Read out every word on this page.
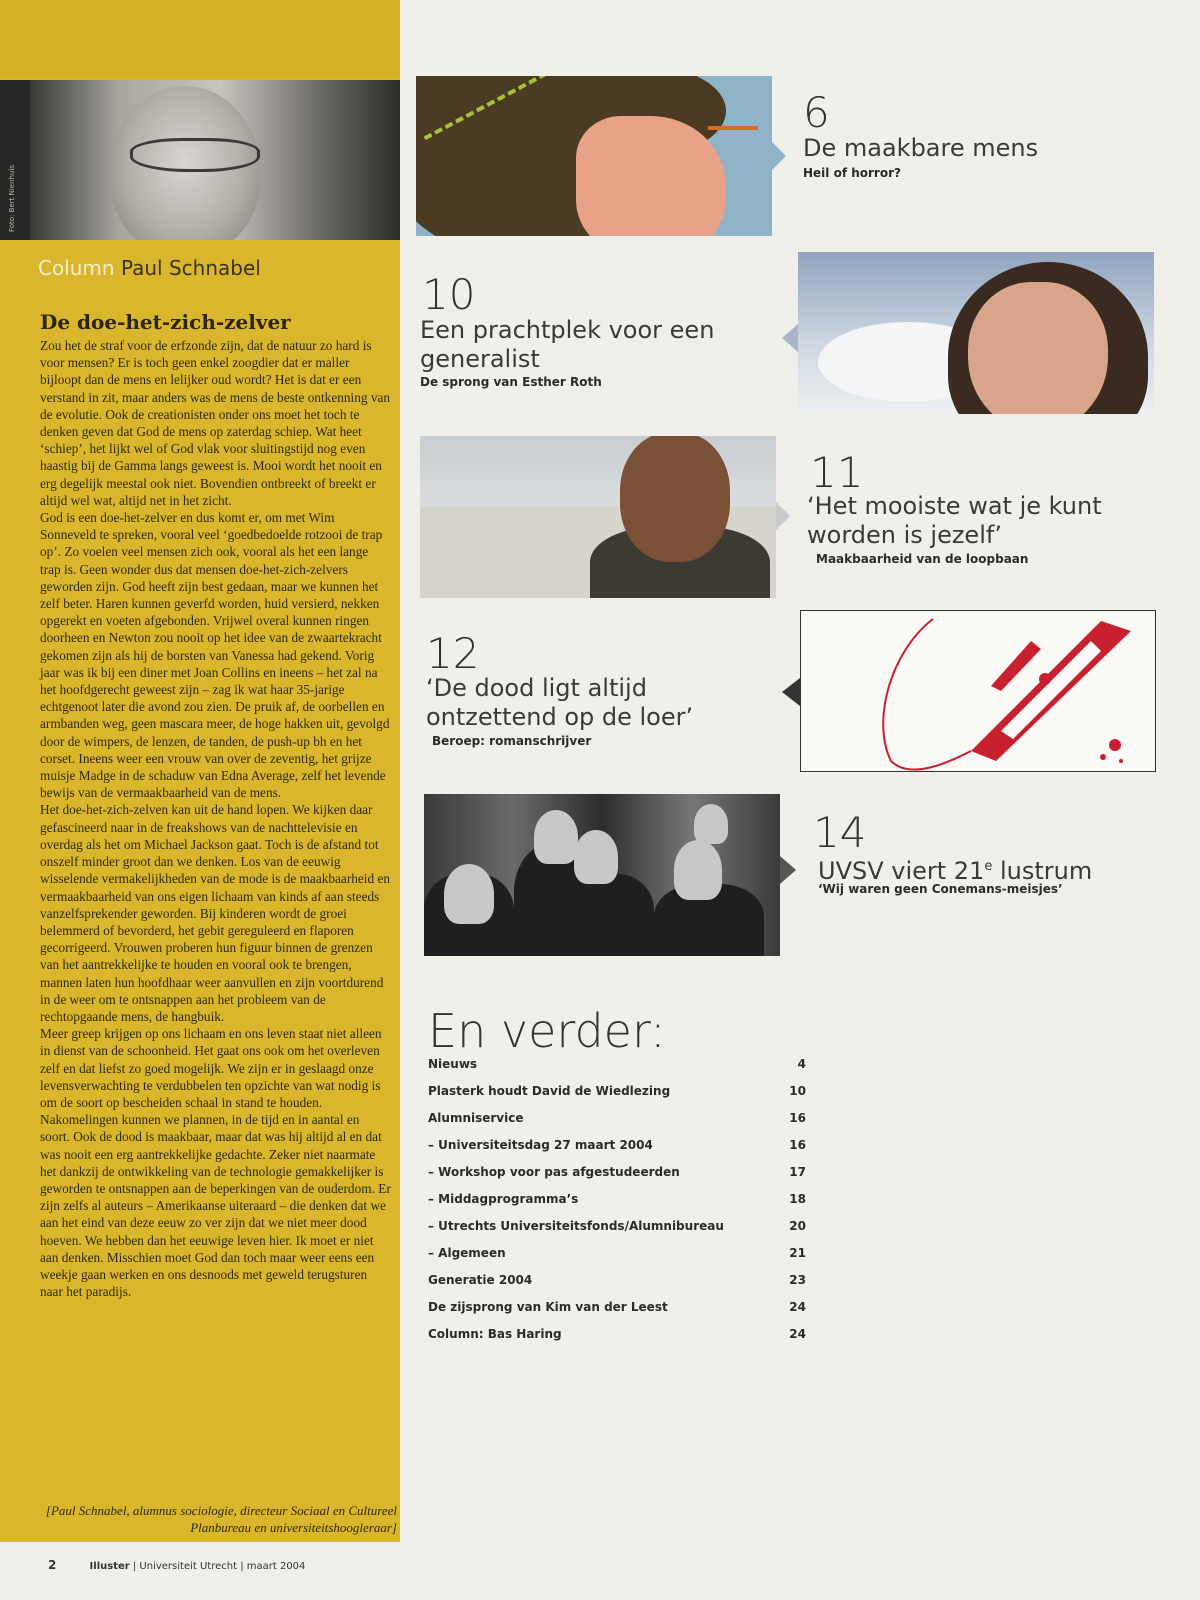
Foto: Bert Nienhuis
Column Paul Schnabel
De doe-het-zich-zelver

Zou het de straf voor de erfzonde zijn, dat de natuur zo hard is voor mensen? Er is toch geen enkel zoogdier dat er maller bijloopt dan de mens en lelijker oud wordt? Het is dat er een verstand in zit, maar anders was de mens de beste ontkenning van de evolutie. Ook de creationisten onder ons moet het toch te denken geven dat God de mens op zaterdag schiep. Wat heet ‘schiep’, het lijkt wel of God vlak voor sluitingstijd nog even haastig bij de Gamma langs geweest is. Mooi wordt het nooit en erg degelijk meestal ook niet. Bovendien ontbreekt of breekt er altijd wel wat, altijd net in het zicht.

God is een doe-het-zelver en dus komt er, om met Wim Sonneveld te spreken, vooral veel ‘goedbedoelde rotzooi de trap op’. Zo voelen veel mensen zich ook, vooral als het een lange trap is. Geen wonder dus dat mensen doe-het-zich-zelvers geworden zijn. God heeft zijn best gedaan, maar we kunnen het zelf beter. Haren kunnen geverfd worden, huid versierd, nekken opgerekt en voeten afgebonden. Vrijwel overal kunnen ringen doorheen en Newton zou nooit op het idee van de zwaartekracht gekomen zijn als hij de borsten van Vanessa had gekend. Vorig jaar was ik bij een diner met Joan Collins en ineens – het zal na het hoofdgerecht geweest zijn – zag ik wat haar 35-jarige echtgenoot later die avond zou zien. De pruik af, de oorbellen en armbanden weg, geen mascara meer, de hoge hakken uit, gevolgd door de wimpers, de lenzen, de tanden, de push-up bh en het corset. Ineens weer een vrouw van over de zeventig, het grijze muisje Madge in de schaduw van Edna Average, zelf het levende bewijs van de vermaakbaarheid van de mens.

Het doe-het-zich-zelven kan uit de hand lopen. We kijken daar gefascineerd naar in de freakshows van de nachttelevisie en overdag als het om Michael Jackson gaat. Toch is de afstand tot onszelf minder groot dan we denken. Los van de eeuwig wisselende vermakelijkheden van de mode is de maakbaarheid en vermaakbaarheid van ons eigen lichaam van kinds af aan steeds vanzelfsprekender geworden. Bij kinderen wordt de groei belemmerd of bevorderd, het gebit gereguleerd en flaporen gecorrigeerd. Vrouwen proberen hun figuur binnen de grenzen van het aantrekkelijke te houden en vooral ook te brengen, mannen laten hun hoofdhaar weer aanvullen en zijn voortdurend in de weer om te ontsnappen aan het probleem van de rechtopgaande mens, de hangbuik.

Meer greep krijgen op ons lichaam en ons leven staat niet alleen in dienst van de schoonheid. Het gaat ons ook om het overleven zelf en dat liefst zo goed mogelijk. We zijn er in geslaagd onze levensverwachting te verdubbelen ten opzichte van wat nodig is om de soort op bescheiden schaal in stand te houden. Nakomelingen kunnen we plannen, in de tijd en in aantal en soort. Ook de dood is maakbaar, maar dat was hij altijd al en dat was nooit een erg aantrekkelijke gedachte. Zeker niet naarmate het dankzij de ontwikkeling van de technologie gemakkelijker is geworden te ontsnappen aan de beperkingen van de ouderdom. Er zijn zelfs al auteurs – Amerikaanse uiteraard – die denken dat we aan het eind van deze eeuw zo ver zijn dat we niet meer dood hoeven. We hebben dan het eeuwige leven hier. Ik moet er niet aan denken. Misschien moet God dan toch maar weer eens een weekje gaan werken en ons desnoods met geweld terugsturen naar het paradijs.

[Paul Schnabel, alumnus sociologie, directeur Sociaal en Cultureel Planbureau en universiteitshoogleraar]
2	Illuster | Universiteit Utrecht | maart 2004
6
De maakbare mens
Heil of horror?
10
Een prachtplek voor een generalist
De sprong van Esther Roth
11
‘Het mooiste wat je kunt worden is jezelf’
Maakbaarheid van de loopbaan
12
‘De dood ligt altijd ontzettend op de loer’
Beroep: romanschrijver
14
UVSV viert 21e lustrum
‘Wij waren geen Conemans-meisjes’
En verder:
Nieuws	4
Plasterk houdt David de Wiedlezing	10
Alumniservice	16
– Universiteitsdag 27 maart 2004	16
– Workshop voor pas afgestudeerden	17
– Middagprogramma’s	18
– Utrechts Universiteitsfonds/Alumnibureau	20
– Algemeen	21
Generatie 2004	23
De zijsprong van Kim van der Leest	24
Column: Bas Haring	24
